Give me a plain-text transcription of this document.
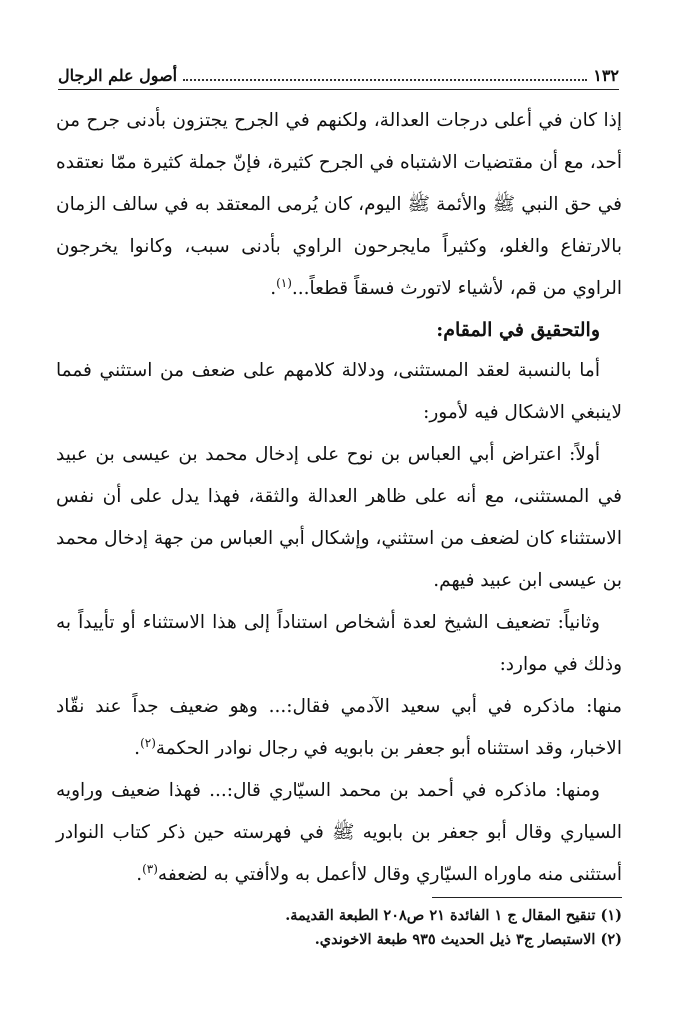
١٣٢
أصول علم الرجال

إذا كان في أعلى درجات العدالة، ولكنهم في الجرح يجتزون بأدنى جرح من أحد، مع أن مقتضيات الاشتباه في الجرح كثيرة، فإنّ جملة كثيرة ممّا نعتقده في حق النبي ﷺ والأئمة ﷺ اليوم، كان يُرمى المعتقد به في سالف الزمان بالارتفاع والغلو، وكثيراً مايجرحون الراوي بأدنى سبب، وكانوا يخرجون الراوي من قم، لأشياء لاتورث فسقاً قطعاً...$^{(١)}$.

والتحقيق في المقام:

أما بالنسبة لعقد المستثنى، ودلالة كلامهم على ضعف من استثني فمما لاينبغي الاشكال فيه لأمور:

أولاً: اعتراض أبي العباس بن نوح على إدخال محمد بن عيسى بن عبيد في المستثنى، مع أنه على ظاهر العدالة والثقة، فهذا يدل على أن نفس الاستثناء كان لضعف من استثني، وإشكال أبي العباس من جهة إدخال محمد بن عيسى ابن عبيد فيهم.

وثانياً: تضعيف الشيخ لعدة أشخاص استناداً إلى هذا الاستثناء أو تأييداً به وذلك في موارد:

منها: ماذكره في أبي سعيد الآدمي فقال:... وهو ضعيف جداً عند نقّاد الاخبار، وقد استثناه أبو جعفر بن بابويه في رجال نوادر الحكمة$^{(٢)}$.

ومنها: ماذكره في أحمد بن محمد السيّاري قال:... فهذا ضعيف وراويه السياري وقال أبو جعفر بن بابويه ﷺ في فهرسته حين ذكر كتاب النوادر أستثنى منه ماوراه السيّاري وقال لاأعمل به ولاأفتي به لضعفه$^{(٣)}$.

(١) تنقيح المقال ج ١ الفائدة ٢١ ص٢٠٨ الطبعة القديمة.

(٢) الاستبصار ج٣ ذيل الحديث ٩٣٥ طبعة الاخوندي.
